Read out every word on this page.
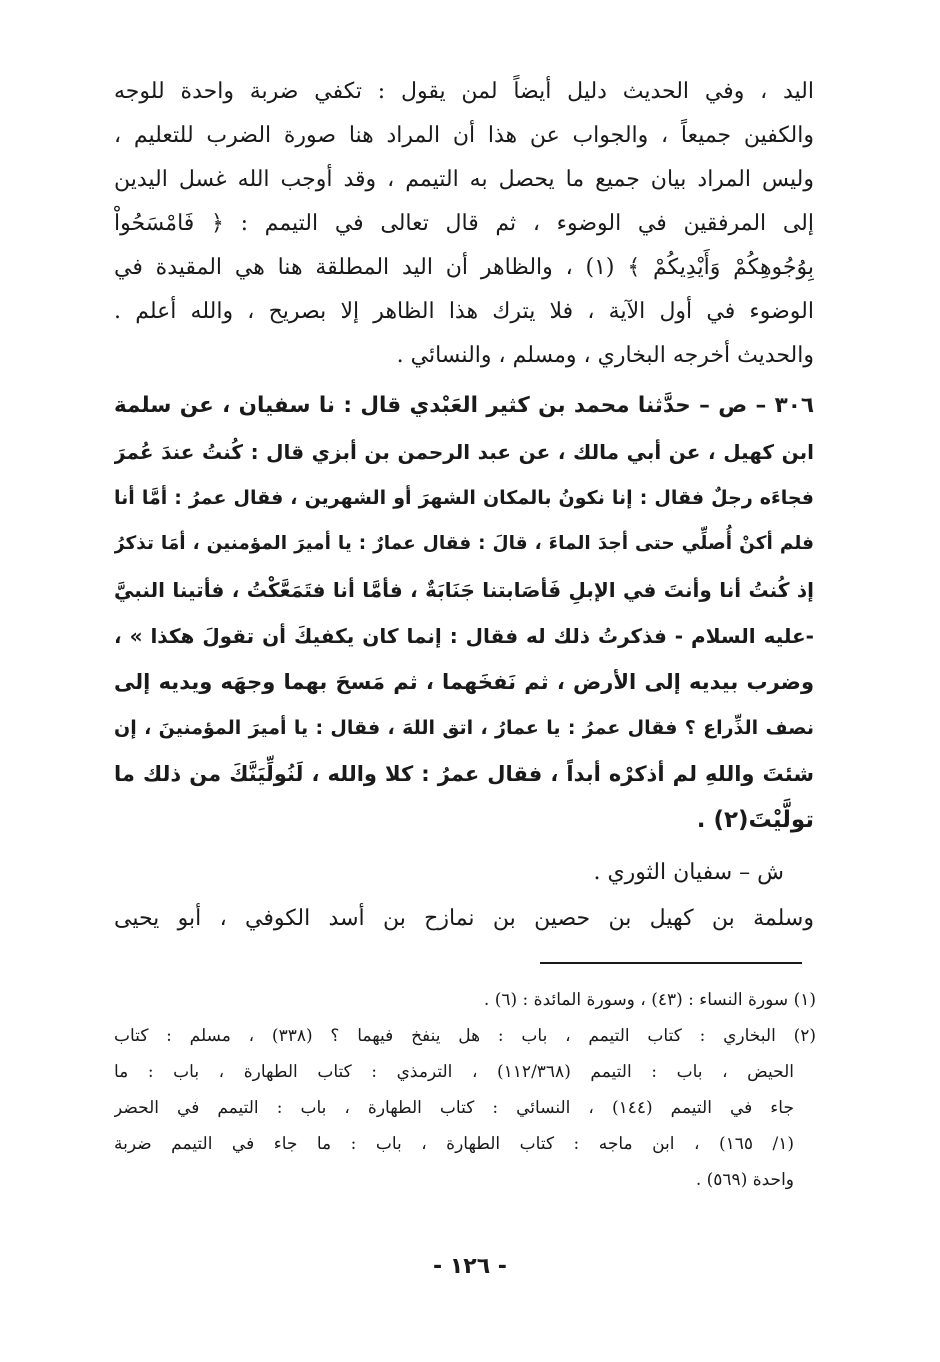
اليد ، وفي الحديث دليل أيضاً لمن يقول : تكفي ضربة واحدة للوجه
والكفين جميعاً ، والجواب عن هذا أن المراد هنا صورة الضرب للتعليم ،
وليس المراد بيان جميع ما يحصل به التيمم ، وقد أوجب الله غسل اليدين
إلى المرفقين في الوضوء ، ثم قال تعالى في التيمم : ﴿ فَامْسَحُواْ
بِوُجُوهِكُمْ وَأَيْدِيكُمْ ﴾ (١) ، والظاهر أن اليد المطلقة هنا هي المقيدة في
الوضوء في أول الآية ، فلا يترك هذا الظاهر إلا بصريح ، والله أعلم .
والحديث أخرجه البخاري ، ومسلم ، والنسائي .
٣٠٦ – ص – حدَّثنا محمد بن كثير العَبْدي قال : نا سفيان ، عن سلمة
ابن كهيل ، عن أبي مالك ، عن عبد الرحمن بن أبزي قال : كُنتُ عندَ عُمرَ
فجاءَه رجلٌ فقال : إنا نكونُ بالمكان الشهرَ أو الشهرين ، فقال عمرُ : أمَّا أنا
فلم أكنْ أُصلِّي حتى أجدَ الماءَ ، قالَ : فقال عمارٌ : يا أميرَ المؤمنين ، أمَا تذكرُ
إذ كُنتُ أنا وأنتَ في الإبلِ فَأصَابتنا جَنَابَةٌ ، فأمَّا أنا فتَمَعَّكْتُ ، فأتينا النبيَّ
-عليه السلام - فذكرتُ ذلك له فقال : إنما كان يكفيكَ أن تقولَ هكذا » ،
وضرب بيديه إلى الأرض ، ثم نَفخَهما ، ثم مَسحَ بهما وجهَه ويديه إلى
نصف الذِّراع ؟ فقال عمرُ : يا عمارُ ، اتق اللهَ ، فقال : يا أميرَ المؤمنينَ ، إن
شئتَ واللهِ لم أذكرْه أبداً ، فقال عمرُ : كلا والله ، لَنُولِّيَنَّكَ من ذلك ما
تولَّيْتَ(٢) .
ش – سفيان الثوري .
وسلمة بن كهيل بن حصين بن نمازح بن أسد الكوفي ، أبو يحيى
(١) سورة النساء : (٤٣) ، وسورة المائدة : (٦) .
(٢) البخاري : كتاب التيمم ، باب : هل ينفخ فيهما ؟ (٣٣٨) ، مسلم : كتاب
الحيض ، باب : التيمم (١١٢/٣٦٨) ، الترمذي : كتاب الطهارة ، باب : ما
جاء في التيمم (١٤٤) ، النسائي : كتاب الطهارة ، باب : التيمم في الحضر
(١/ ١٦٥) ، ابن ماجه : كتاب الطهارة ، باب : ما جاء في التيمم ضربة
واحدة (٥٦٩) .
- ١٢٦ -
